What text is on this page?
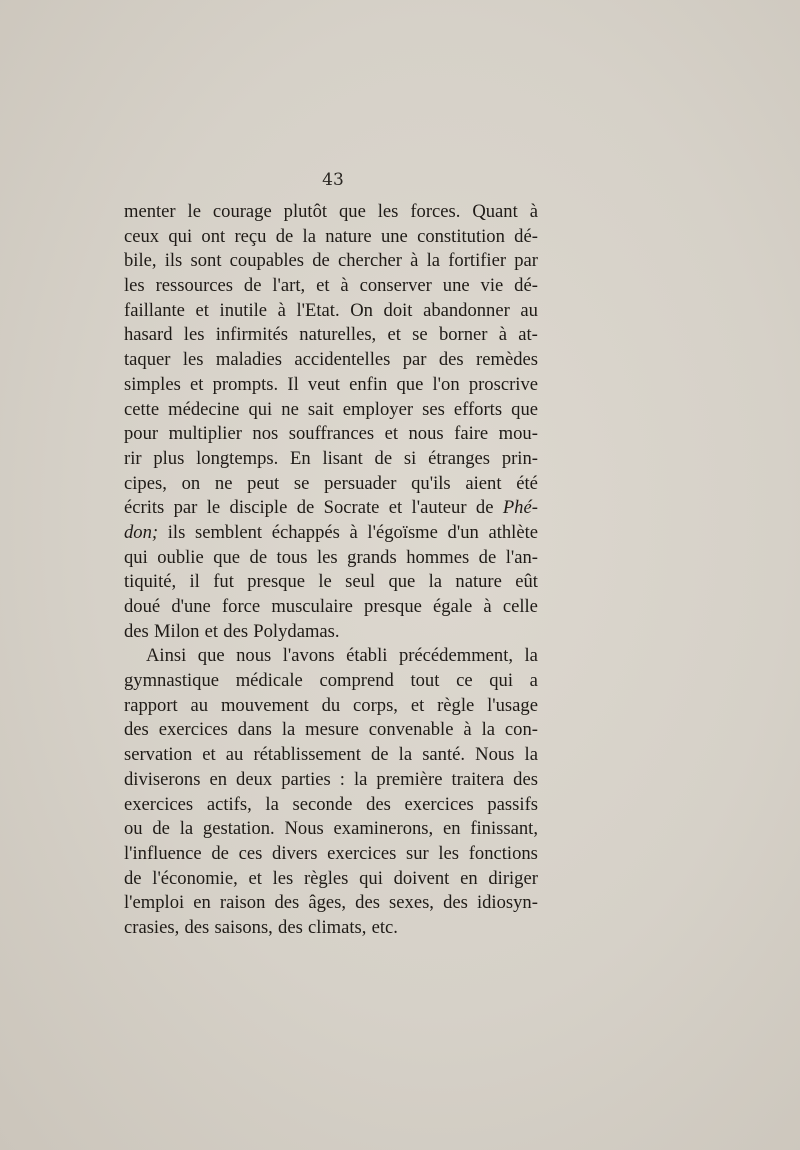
43
menter le courage plutôt que les forces. Quant à
ceux qui ont reçu de la nature une constitution dé-
bile, ils sont coupables de chercher à la fortifier par
les ressources de l'art, et à conserver une vie dé-
faillante et inutile à l'Etat. On doit abandonner au
hasard les infirmités naturelles, et se borner à at-
taquer les maladies accidentelles par des remèdes
simples et prompts. Il veut enfin que l'on proscrive
cette médecine qui ne sait employer ses efforts que
pour multiplier nos souffrances et nous faire mou-
rir plus longtemps. En lisant de si étranges prin-
cipes, on ne peut se persuader qu'ils aient été
écrits par le disciple de Socrate et l'auteur de Phé-
don; ils semblent échappés à l'égoïsme d'un athlète
qui oublie que de tous les grands hommes de l'an-
tiquité, il fut presque le seul que la nature eût
doué d'une force musculaire presque égale à celle
des Milon et des Polydamas.
Ainsi que nous l'avons établi précédemment, la
gymnastique médicale comprend tout ce qui a
rapport au mouvement du corps, et règle l'usage
des exercices dans la mesure convenable à la con-
servation et au rétablissement de la santé. Nous la
diviserons en deux parties : la première traitera des
exercices actifs, la seconde des exercices passifs
ou de la gestation. Nous examinerons, en finissant,
l'influence de ces divers exercices sur les fonctions
de l'économie, et les règles qui doivent en diriger
l'emploi en raison des âges, des sexes, des idiosyn-
crasies, des saisons, des climats, etc.
